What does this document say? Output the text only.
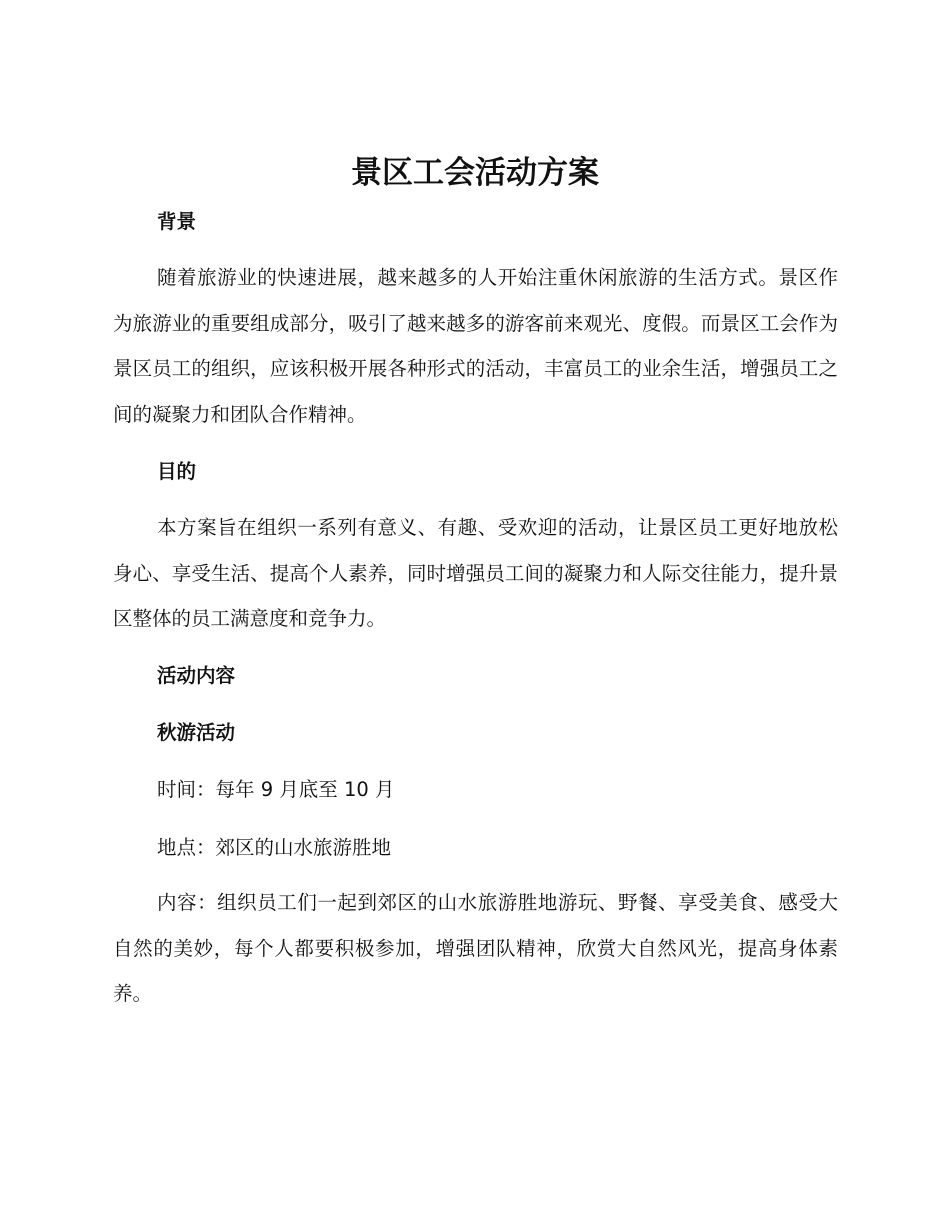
景区工会活动方案
背景

随着旅游业的快速进展，越来越多的人开始注重休闲旅游的生活方式。景区作为旅游业的重要组成部分，吸引了越来越多的游客前来观光、度假。而景区工会作为景区员工的组织，应该积极开展各种形式的活动，丰富员工的业余生活，增强员工之间的凝聚力和团队合作精神。

目的

本方案旨在组织一系列有意义、有趣、受欢迎的活动，让景区员工更好地放松身心、享受生活、提高个人素养，同时增强员工间的凝聚力和人际交往能力，提升景区整体的员工满意度和竞争力。

活动内容
秋游活动

时间：每年 9 月底至 10 月

地点：郊区的山水旅游胜地

内容：组织员工们一起到郊区的山水旅游胜地游玩、野餐、享受美食、感受大自然的美妙，每个人都要积极参加，增强团队精神，欣赏大自然风光，提高身体素养。
